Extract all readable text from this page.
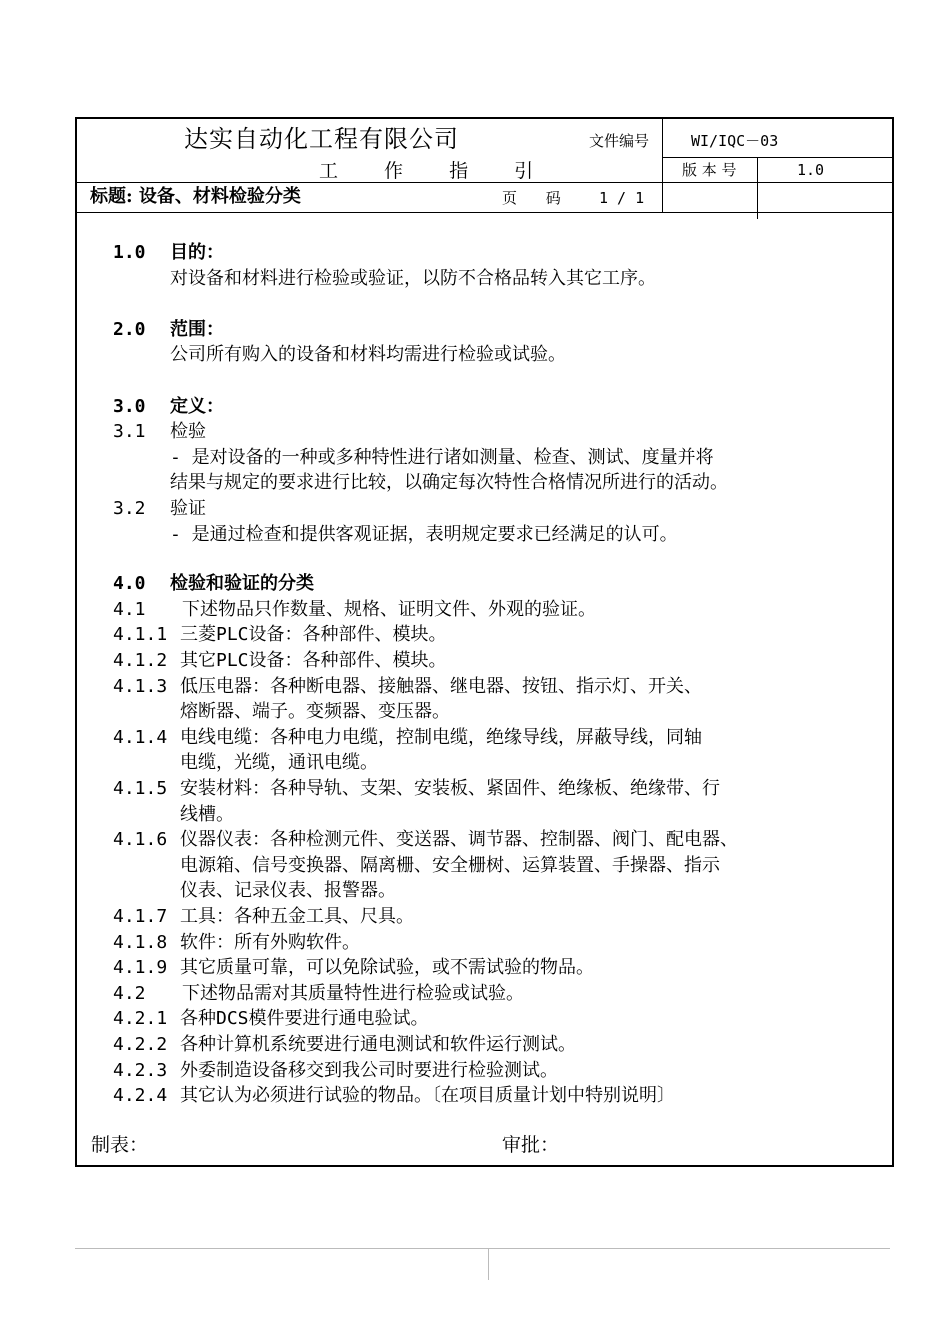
达实自动化工程有限公司	文件编号	WI/IQC－03
工 作 指 引	版 本 号	1.0
标题: 设备、材料检验分类	页 码	1 / 1
1.0 目的：
对设备和材料进行检验或验证，以防不合格品转入其它工序。
2.0 范围：
公司所有购入的设备和材料均需进行检验或试验。
3.0 定义：
3.1 检验
- 是对设备的一种或多种特性进行诸如测量、检查、测试、度量并将
结果与规定的要求进行比较，以确定每次特性合格情况所进行的活动。
3.2 验证
- 是通过检查和提供客观证据，表明规定要求已经满足的认可。
4.0 检验和验证的分类
4.1 下述物品只作数量、规格、证明文件、外观的验证。
4.1.1 三菱PLC设备：各种部件、模块。
4.1.2 其它PLC设备：各种部件、模块。
4.1.3 低压电器：各种断电器、接触器、继电器、按钮、指示灯、开关、
熔断器、端子。变频器、变压器。
4.1.4 电线电缆：各种电力电缆，控制电缆，绝缘导线，屏蔽导线，同轴
电缆，光缆，通讯电缆。
4.1.5 安装材料：各种导轨、支架、安装板、紧固件、绝缘板、绝缘带、行
线槽。
4.1.6 仪器仪表：各种检测元件、变送器、调节器、控制器、阀门、配电器、
电源箱、信号变换器、隔离栅、安全栅树、运算装置、手操器、指示
仪表、记录仪表、报警器。
4.1.7 工具：各种五金工具、尺具。
4.1.8 软件：所有外购软件。
4.1.9 其它质量可靠，可以免除试验，或不需试验的物品。
4.2 下述物品需对其质量特性进行检验或试验。
4.2.1 各种DCS模件要进行通电验试。
4.2.2 各种计算机系统要进行通电测试和软件运行测试。
4.2.3 外委制造设备移交到我公司时要进行检验测试。
4.2.4 其它认为必须进行试验的物品。〔在项目质量计划中特别说明〕
制表：	审批：
